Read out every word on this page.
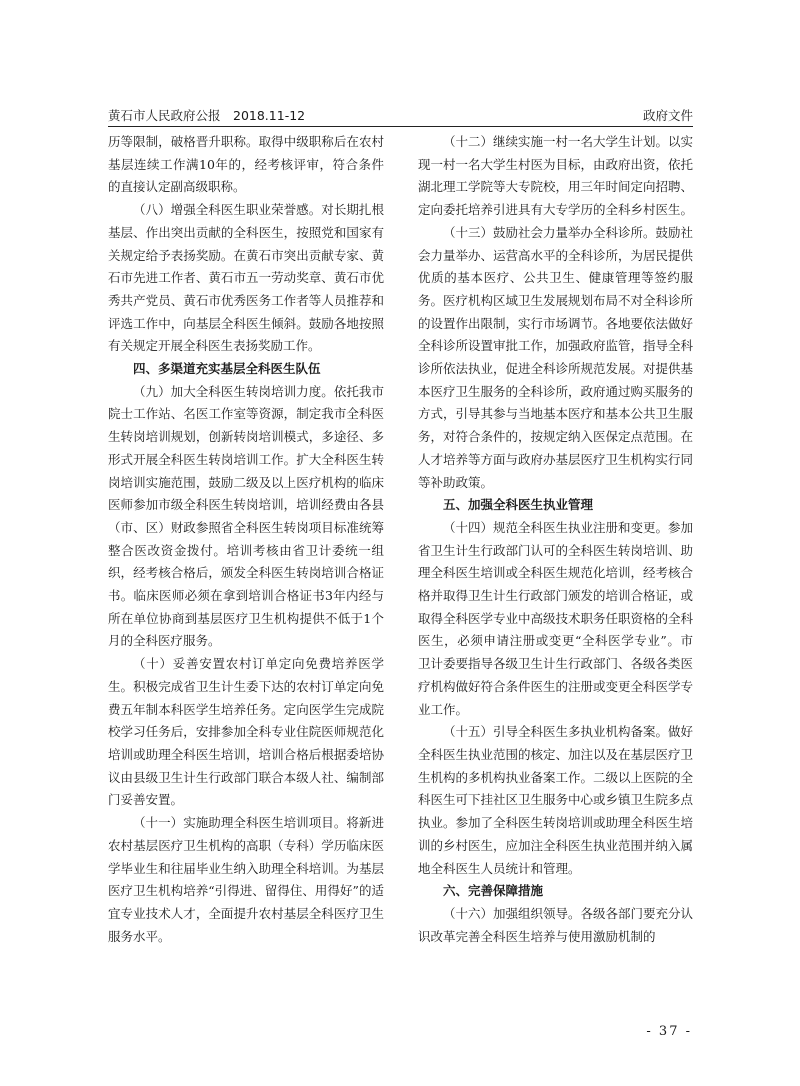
黄石市人民政府公报　2018.11-12	政府文件

历等限制，破格晋升职称。取得中级职称后在农村基层连续工作满10年的，经考核评审，符合条件的直接认定副高级职称。

（八）增强全科医生职业荣誉感。对长期扎根基层、作出突出贡献的全科医生，按照党和国家有关规定给予表扬奖励。在黄石市突出贡献专家、黄石市先进工作者、黄石市五一劳动奖章、黄石市优秀共产党员、黄石市优秀医务工作者等人员推荐和评选工作中，向基层全科医生倾斜。鼓励各地按照有关规定开展全科医生表扬奖励工作。

四、多渠道充实基层全科医生队伍

（九）加大全科医生转岗培训力度。依托我市院士工作站、名医工作室等资源，制定我市全科医生转岗培训规划，创新转岗培训模式，多途径、多形式开展全科医生转岗培训工作。扩大全科医生转岗培训实施范围，鼓励二级及以上医疗机构的临床医师参加市级全科医生转岗培训，培训经费由各县（市、区）财政参照省全科医生转岗项目标准统筹整合医改资金拨付。培训考核由省卫计委统一组织，经考核合格后，颁发全科医生转岗培训合格证书。临床医师必须在拿到培训合格证书3年内经与所在单位协商到基层医疗卫生机构提供不低于1个月的全科医疗服务。

（十）妥善安置农村订单定向免费培养医学生。积极完成省卫生计生委下达的农村订单定向免费五年制本科医学生培养任务。定向医学生完成院校学习任务后，安排参加全科专业住院医师规范化培训或助理全科医生培训，培训合格后根据委培协议由县级卫生计生行政部门联合本级人社、编制部门妥善安置。

（十一）实施助理全科医生培训项目。将新进农村基层医疗卫生机构的高职（专科）学历临床医学毕业生和往届毕业生纳入助理全科培训。为基层医疗卫生机构培养“引得进、留得住、用得好”的适宜专业技术人才，全面提升农村基层全科医疗卫生服务水平。

（十二）继续实施一村一名大学生计划。以实现一村一名大学生村医为目标，由政府出资，依托湖北理工学院等大专院校，用三年时间定向招聘、定向委托培养引进具有大专学历的全科乡村医生。

（十三）鼓励社会力量举办全科诊所。鼓励社会力量举办、运营高水平的全科诊所，为居民提供优质的基本医疗、公共卫生、健康管理等签约服务。医疗机构区域卫生发展规划布局不对全科诊所的设置作出限制，实行市场调节。各地要依法做好全科诊所设置审批工作，加强政府监管，指导全科诊所依法执业，促进全科诊所规范发展。对提供基本医疗卫生服务的全科诊所，政府通过购买服务的方式，引导其参与当地基本医疗和基本公共卫生服务，对符合条件的，按规定纳入医保定点范围。在人才培养等方面与政府办基层医疗卫生机构实行同等补助政策。

五、加强全科医生执业管理

（十四）规范全科医生执业注册和变更。参加省卫生计生行政部门认可的全科医生转岗培训、助理全科医生培训或全科医生规范化培训，经考核合格并取得卫生计生行政部门颁发的培训合格证，或取得全科医学专业中高级技术职务任职资格的全科医生，必须申请注册或变更“全科医学专业”。市卫计委要指导各级卫生计生行政部门、各级各类医疗机构做好符合条件医生的注册或变更全科医学专业工作。

（十五）引导全科医生多执业机构备案。做好全科医生执业范围的核定、加注以及在基层医疗卫生机构的多机构执业备案工作。二级以上医院的全科医生可下挂社区卫生服务中心或乡镇卫生院多点执业。参加了全科医生转岗培训或助理全科医生培训的乡村医生，应加注全科医生执业范围并纳入属地全科医生人员统计和管理。

六、完善保障措施

（十六）加强组织领导。各级各部门要充分认识改革完善全科医生培养与使用激励机制的

- 37 -
